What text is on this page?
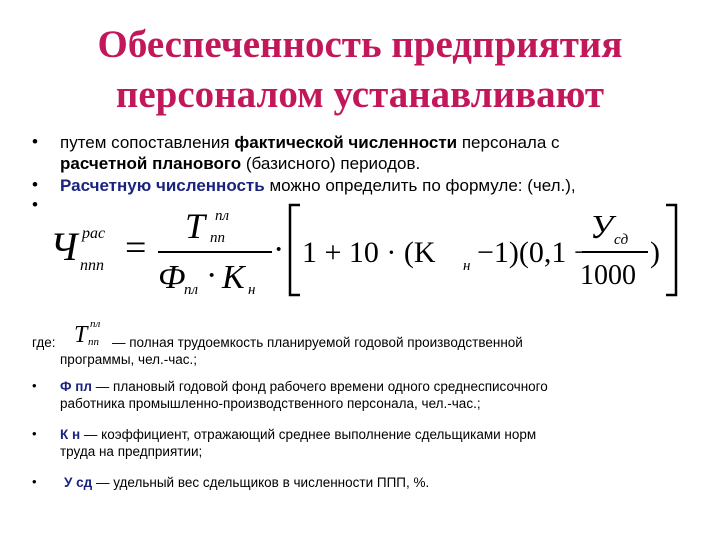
Обеспеченность предприятия
персоналом устанавливают
• путем сопоставления фактической численности персонала с
расчетной планового (базисного) периодов.
• Расчетную численность можно определить по формуле: (чел.),
•
Ч рас
ппп =
T пл
пп
Ф
пл · K н
· 1 + 10 · (K н −1)(0,1 −
У сд
1000
)
где: T пл
пп — полная трудоемкость планируемой годовой производственной
программы, чел.-час.;
• Ф пл — плановый годовой фонд рабочего времени одного среднесписочного
работника промышленно-производственного персонала, чел.-час.;
• К н — коэффициент, отражающий среднее выполнение сдельщиками норм
труда на предприятии;
• У сд — удельный вес сдельщиков в численности ППП, %.
